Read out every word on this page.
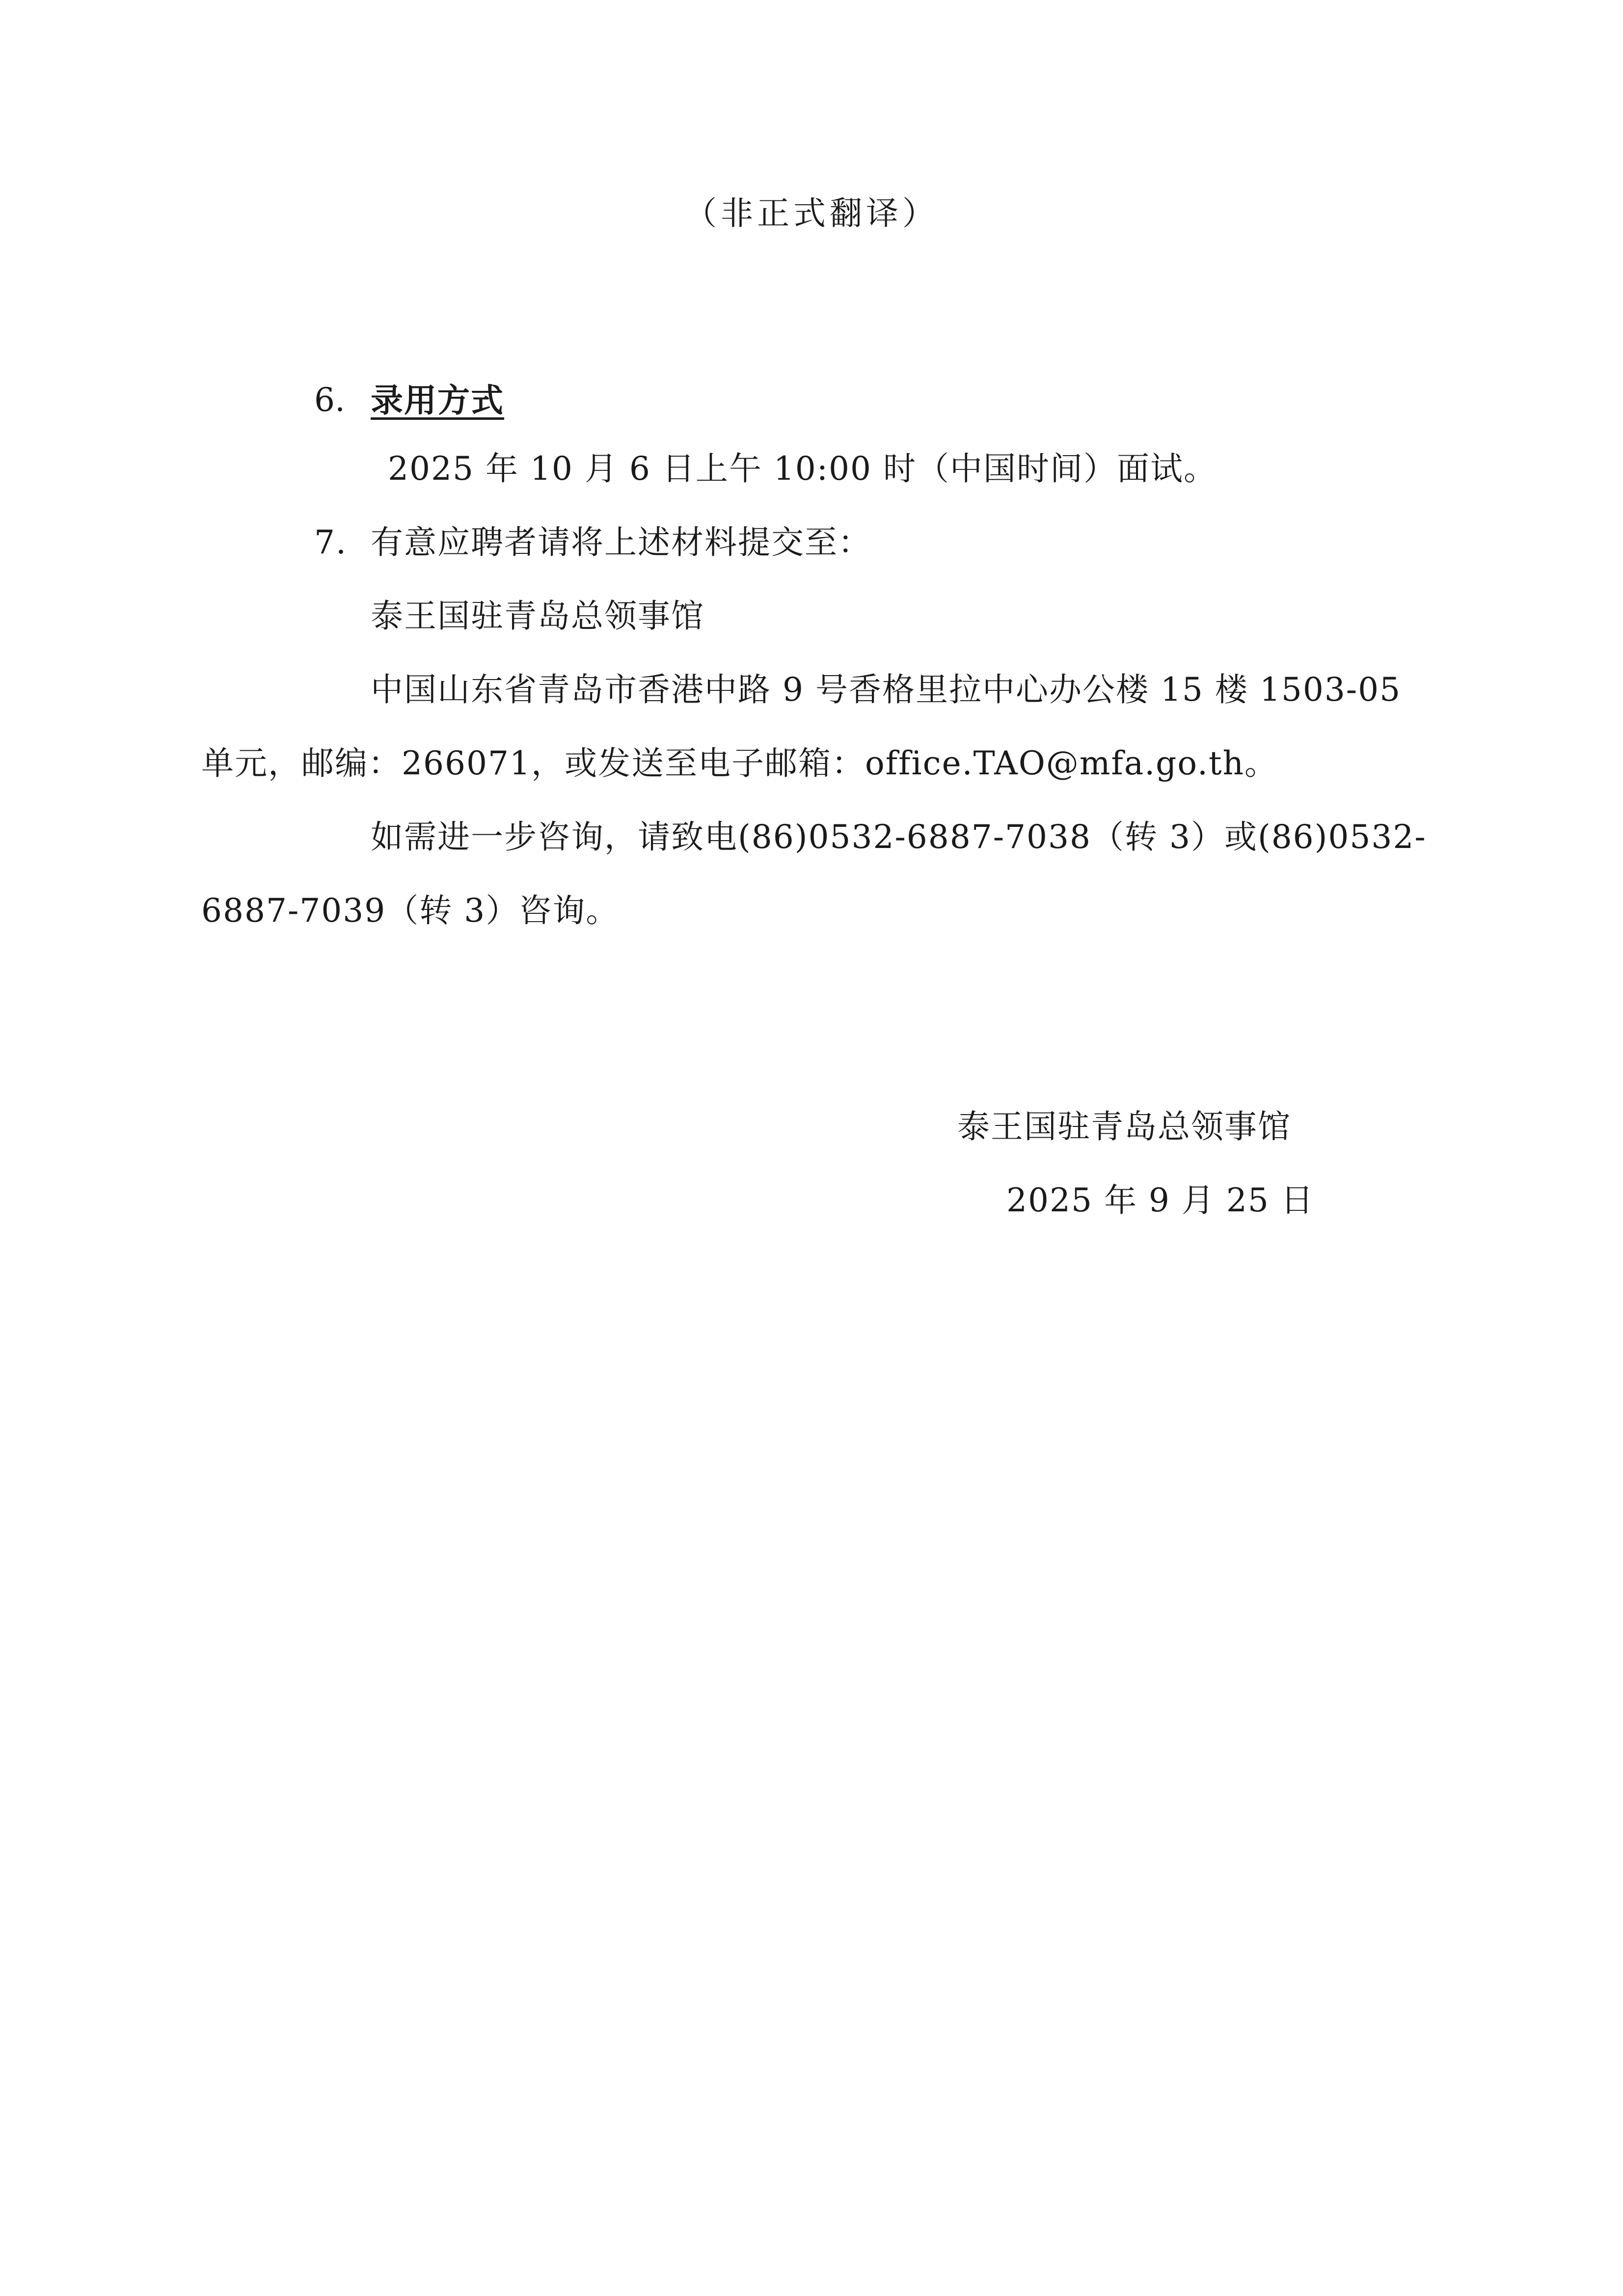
（非正式翻译）
6. 录用方式
2025 年 10 月 6 日上午 10:00 时（中国时间）面试。
7. 有意应聘者请将上述材料提交至：
泰王国驻青岛总领事馆
中国山东省青岛市香港中路 9 号香格里拉中心办公楼 15 楼 1503-05
单元，邮编：266071，或发送至电子邮箱：office.TAO@mfa.go.th。
如需进一步咨询，请致电(86)0532-6887-7038（转 3）或(86)0532-
6887-7039（转 3）咨询。
泰王国驻青岛总领事馆
2025 年 9 月 25 日
